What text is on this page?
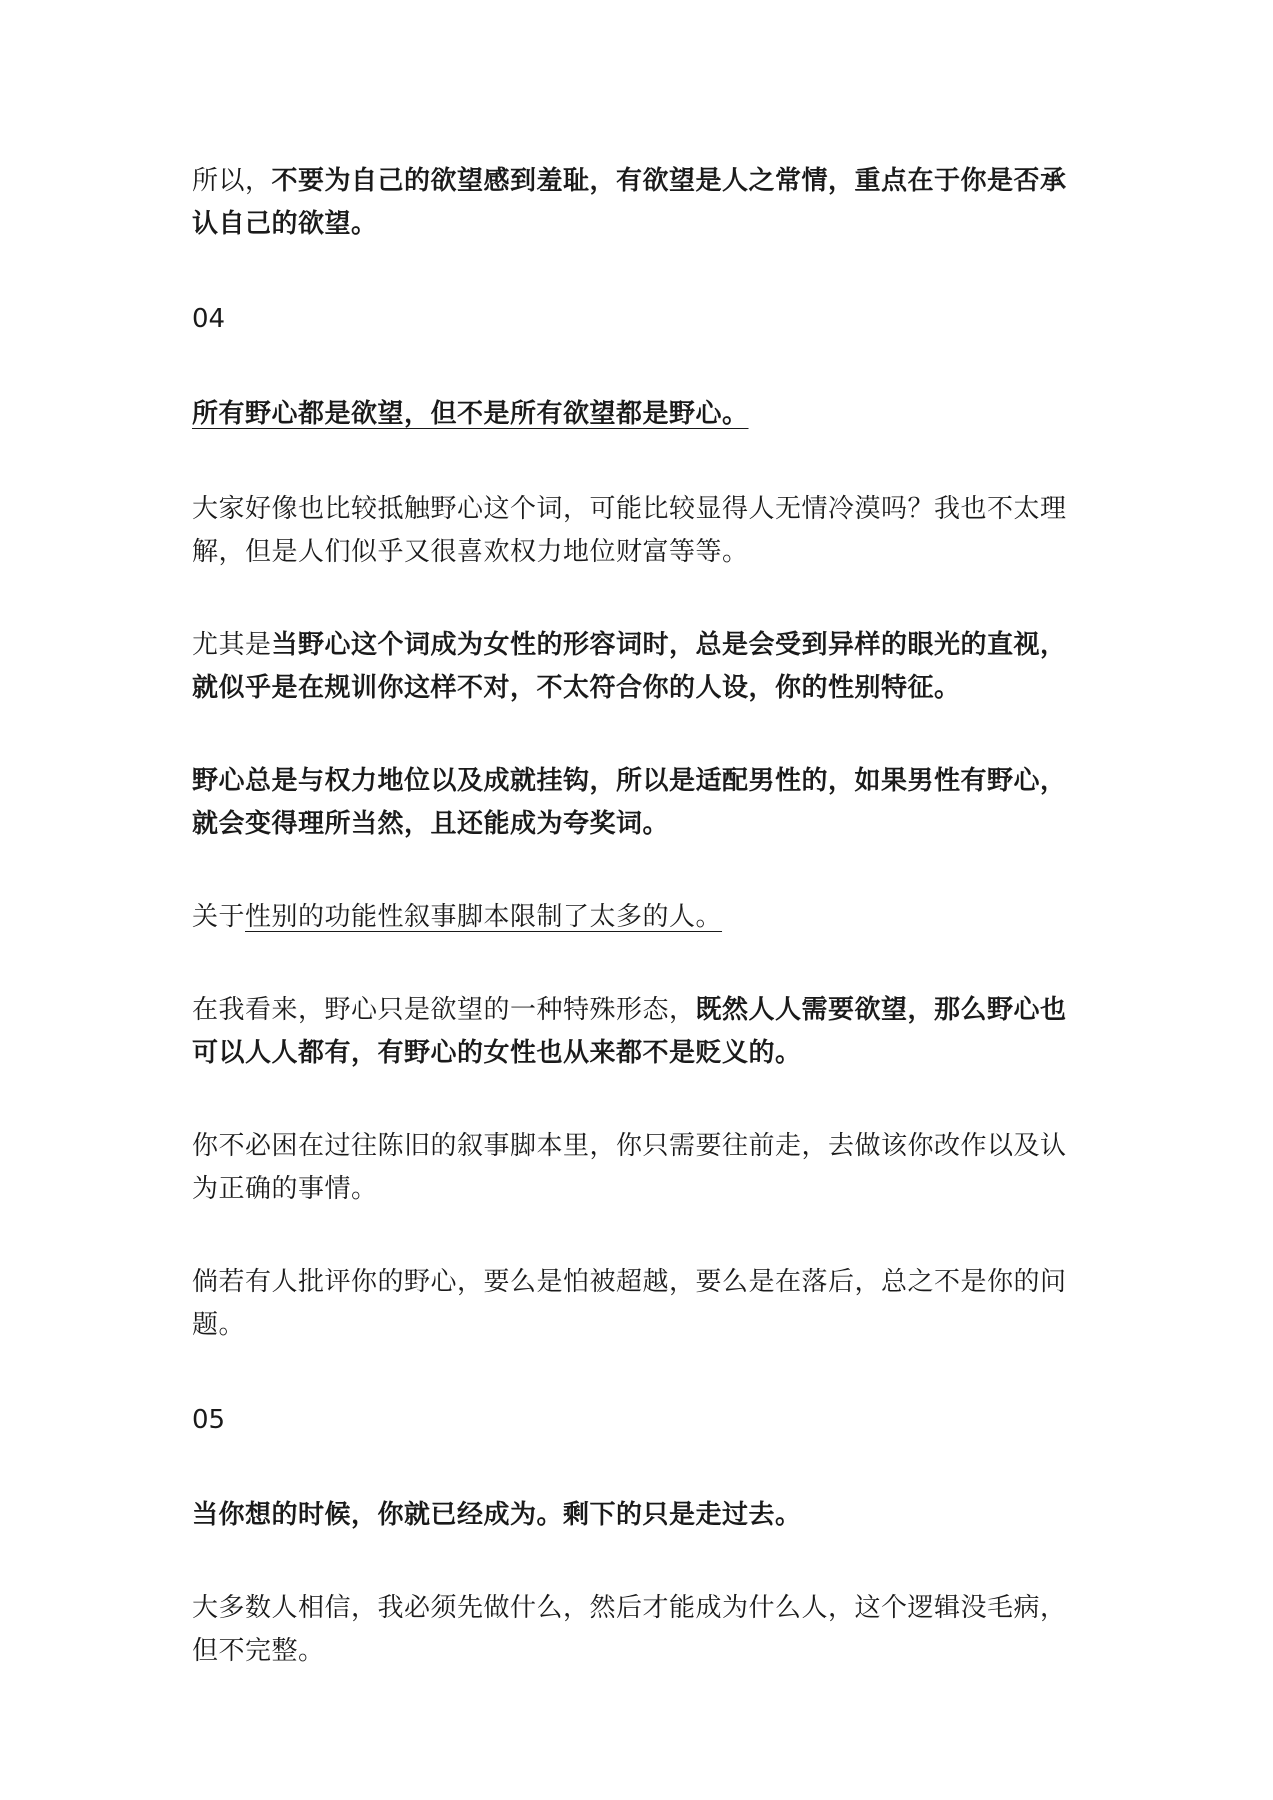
所以，不要为自己的欲望感到羞耻，有欲望是人之常情，重点在于你是否承认自己的欲望。

04

所有野心都是欲望，但不是所有欲望都是野心。

大家好像也比较抵触野心这个词，可能比较显得人无情冷漠吗？我也不太理解，但是人们似乎又很喜欢权力地位财富等等。

尤其是当野心这个词成为女性的形容词时，总是会受到异样的眼光的直视，就似乎是在规训你这样不对，不太符合你的人设，你的性别特征。

野心总是与权力地位以及成就挂钩，所以是适配男性的，如果男性有野心，就会变得理所当然，且还能成为夸奖词。

关于性别的功能性叙事脚本限制了太多的人。

在我看来，野心只是欲望的一种特殊形态，既然人人需要欲望，那么野心也可以人人都有，有野心的女性也从来都不是贬义的。

你不必困在过往陈旧的叙事脚本里，你只需要往前走，去做该你改作以及认为正确的事情。

倘若有人批评你的野心，要么是怕被超越，要么是在落后，总之不是你的问题。

05

当你想的时候，你就已经成为。剩下的只是走过去。

大多数人相信，我必须先做什么，然后才能成为什么人，这个逻辑没毛病，但不完整。
